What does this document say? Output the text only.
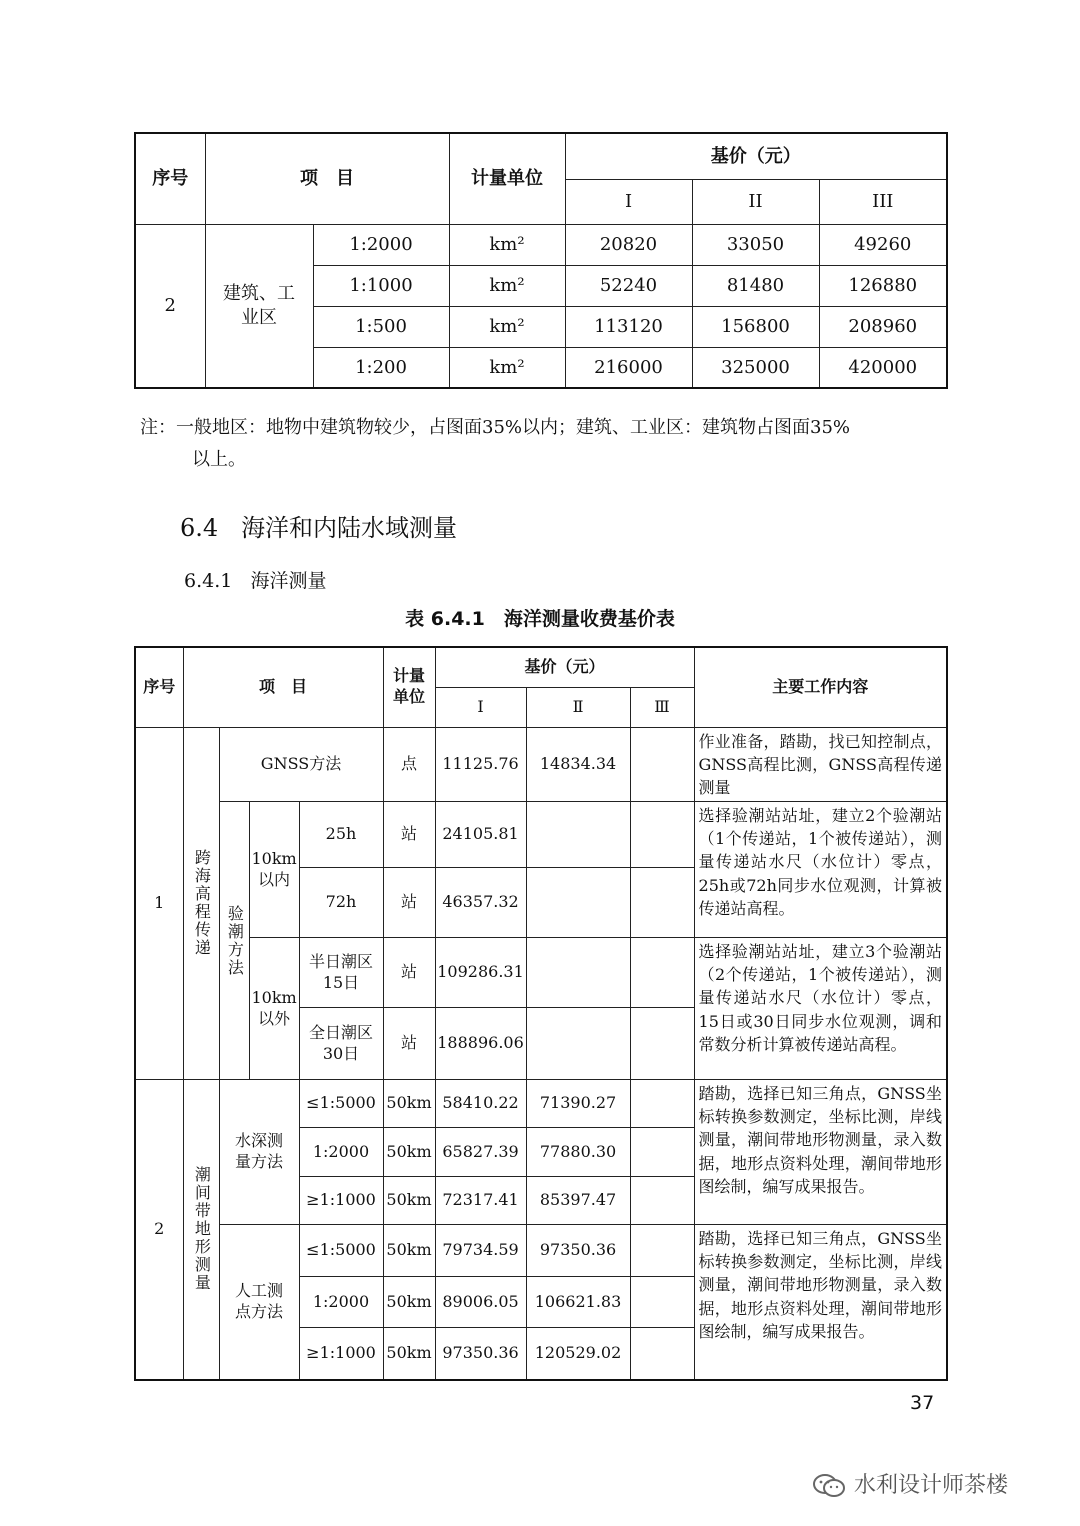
序号	项　目		计量单位	基价（元）		
				I	II	III
2	建筑、工业区	1:2000	km²	20820	33050	49260
		1:1000	km²	52240	81480	126880
		1:500	km²	113120	156800	208960
		1:200	km²	216000	325000	420000
注：一般地区：地物中建筑物较少，占图面35%以内；建筑、工业区：建筑物占图面35%
以上。
6.4 海洋和内陆水域测量
6.4.1 海洋测量
表 6.4.1　海洋测量收费基价表
序号	项　目				计量单位	基价（元）			主要工作内容
						Ⅰ	Ⅱ	Ⅲ	
1	跨海高程传递	GNSS方法			点	11125.76	14834.34		作业准备，踏勘，找已知控制点，GNSS高程比测，GNSS高程传递测量

		验潮方法	10km以内	25h	站	24105.81			选择验潮站站址，建立2个验潮站（1个传递站，1个被传递站），测量传递站水尺（水位计）零点，25h或72h同步水位观测，计算被传递站高程。
				72h	站	46357.32			
			10km以外	半日潮区15日	站	109286.31			选择验潮站站址，建立3个验潮站（2个传递站，1个被传递站），测量传递站水尺（水位计）零点，15日或30日同步水位观测，调和常数分析计算被传递站高程。
				全日潮区30日	站	188896.06			
2	潮间带地形测量	水深测量方法		≤1:5000	50km	58410.22	71390.27		踏勘，选择已知三角点，GNSS坐标转换参数测定，坐标比测，岸线测量，潮间带地形物测量，录入数据，地形点资料处理，潮间带地形图绘制，编写成果报告。
				1:2000	50km	65827.39	77880.30		
				≥1:1000	50km	72317.41	85397.47		
		人工测点方法		≤1:5000	50km	79734.59	97350.36		踏勘，选择已知三角点，GNSS坐标转换参数测定，坐标比测，岸线测量，潮间带地形物测量，录入数据，地形点资料处理，潮间带地形图绘制，编写成果报告。
				1:2000	50km	89006.05	106621.83		
				≥1:1000	50km	97350.36	120529.02		
37
水利设计师茶楼
